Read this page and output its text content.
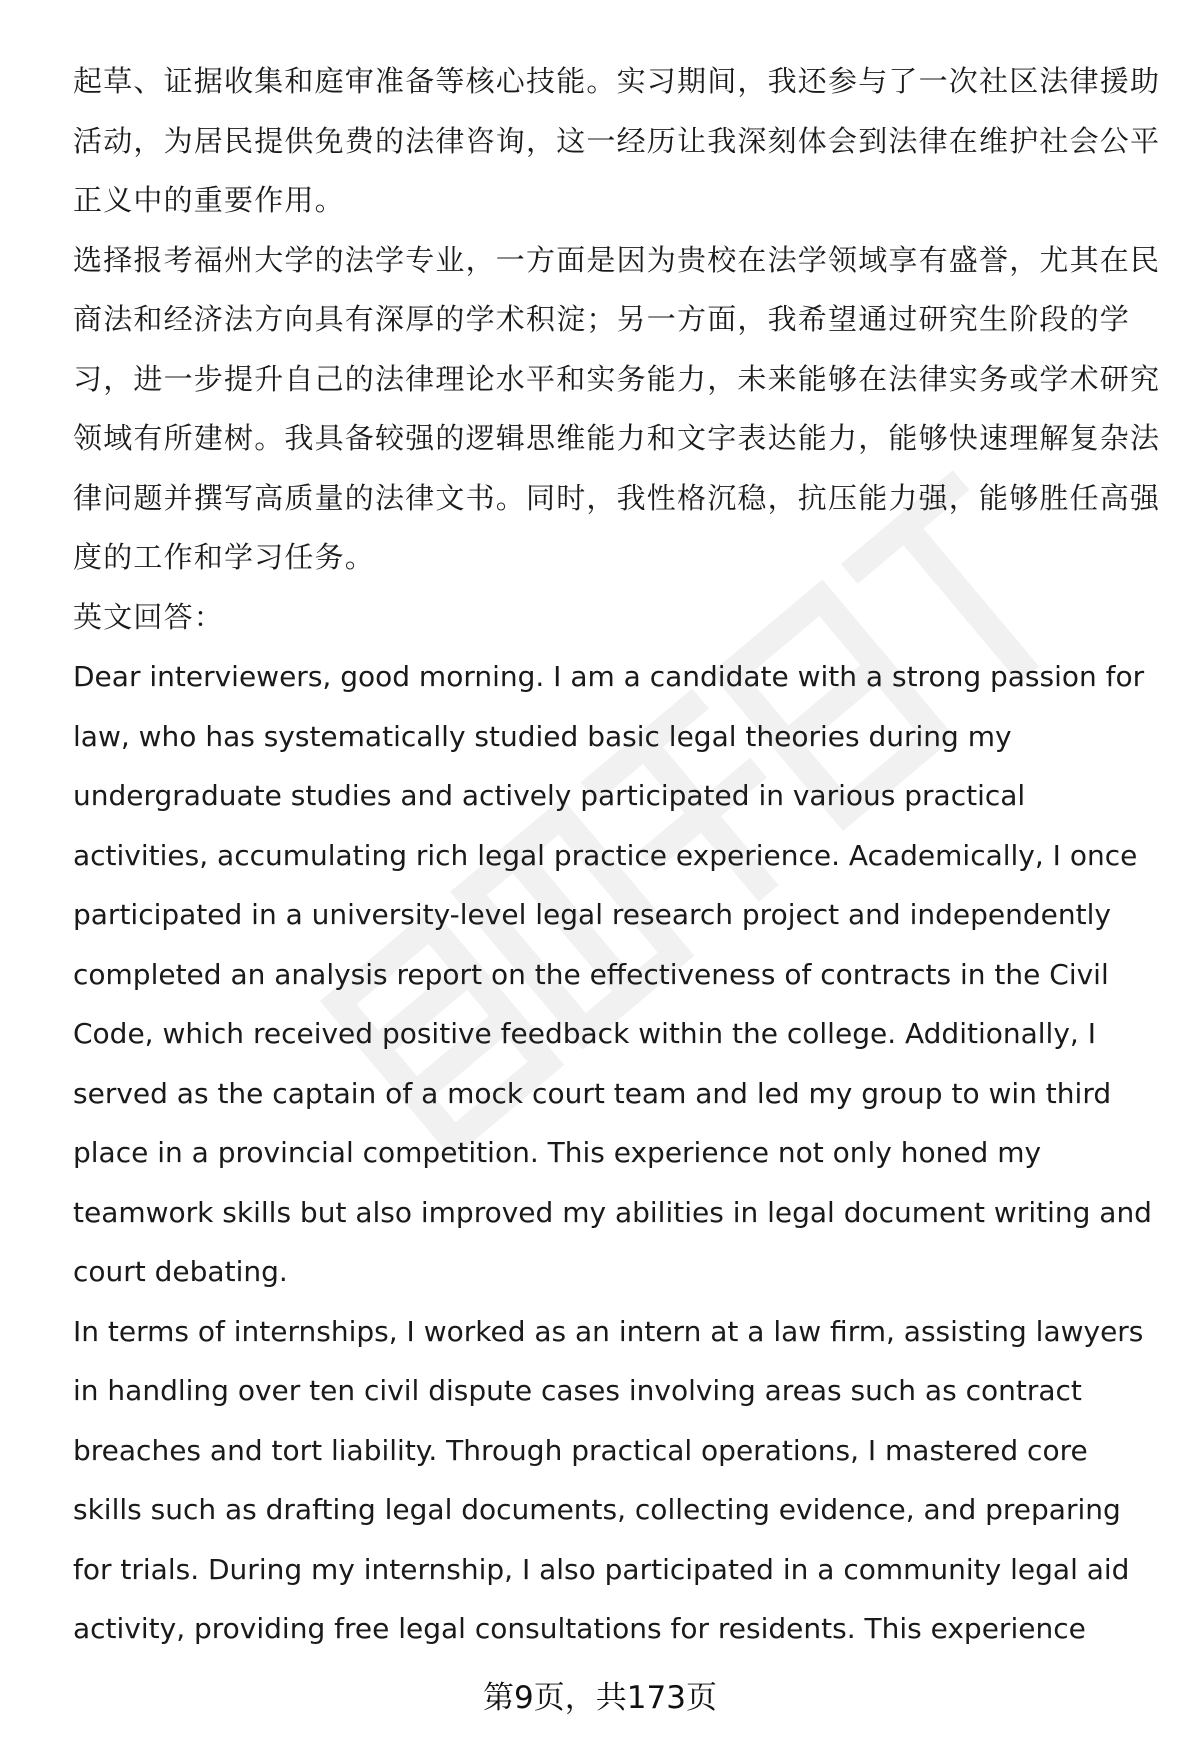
起草、证据收集和庭审准备等核心技能。实习期间，我还参与了一次社区法律援助活动，为居民提供免费的法律咨询，这一经历让我深刻体会到法律在维护社会公平正义中的重要作用。

选择报考福州大学的法学专业，一方面是因为贵校在法学领域享有盛誉，尤其在民商法和经济法方向具有深厚的学术积淀；另一方面，我希望通过研究生阶段的学习，进一步提升自己的法律理论水平和实务能力，未来能够在法律实务或学术研究领域有所建树。我具备较强的逻辑思维能力和文字表达能力，能够快速理解复杂法律问题并撰写高质量的法律文书。同时，我性格沉稳，抗压能力强，能够胜任高强度的工作和学习任务。

英文回答：

Dear interviewers, good morning. I am a candidate with a strong passion for law, who has systematically studied basic legal theories during my undergraduate studies and actively participated in various practical activities, accumulating rich legal practice experience. Academically, I once participated in a university-level legal research project and independently completed an analysis report on the effectiveness of contracts in the Civil Code, which received positive feedback within the college. Additionally, I served as the captain of a mock court team and led my group to win third place in a provincial competition. This experience not only honed my teamwork skills but also improved my abilities in legal document writing and court debating.

In terms of internships, I worked as an intern at a law firm, assisting lawyers in handling over ten civil dispute cases involving areas such as contract breaches and tort liability. Through practical operations, I mastered core skills such as drafting legal documents, collecting evidence, and preparing for trials. During my internship, I also participated in a community legal aid activity, providing free legal consultations for residents. This experience

第9页，共173页
